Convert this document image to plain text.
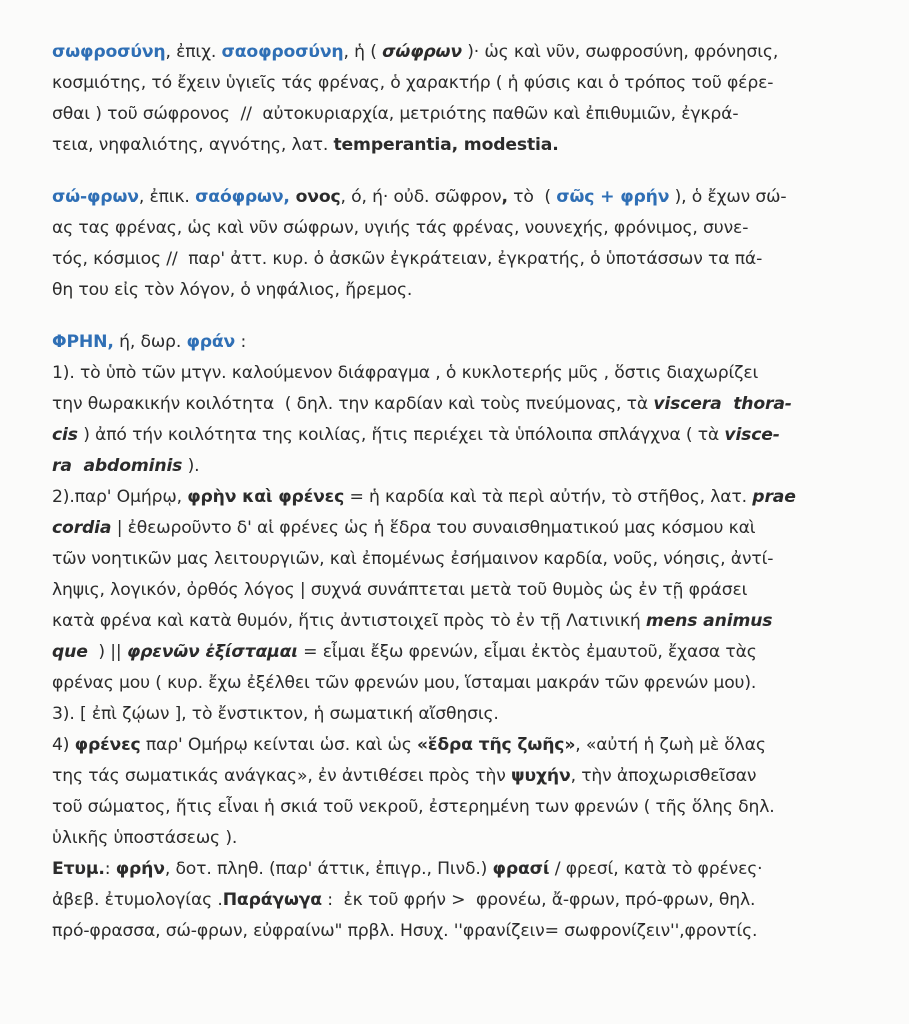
σωφροσύνη, ἐπιχ. σαοφροσύνη, ἡ ( σώφρων )· ὡς καὶ νῦν, σωφροσύνη, φρόνησις,
κοσμιότης, τό ἔχειν ὑγιεῖς τάς φρένας, ὁ χαρακτήρ ( ἡ φύσις και ὁ τρόπος τοῦ φέρε-
σθαι ) τοῦ σώφρονος  //  αὐτοκυριαρχία, μετριότης παθῶν καὶ ἐπιθυμιῶν, ἐγκρά-
τεια, νηφαλιότης, αγνότης, λατ. temperantia, modestia.
σώ-φρων, ἐπικ. σαόφρων, ονος, ό, ή· οὐδ. σῶφρον, τὸ  ( σῶς + φρήν ), ὁ ἔχων σώ-
ας τας φρένας, ὡς καὶ νῦν σώφρων, υγιής τάς φρένας, νουνεχής, φρόνιμος, συνε-
τός, κόσμιος //  παρ' ἀττ. κυρ. ὁ ἀσκῶν ἐγκράτειαν, ἐγκρατής, ὁ ὑποτάσσων τα πά-
θη του εἰς τὸν λόγον, ὁ νηφάλιος, ἤρεμος.
ΦΡΗΝ, ή, δωρ. φράν :
1). τὸ ὑπὸ τῶν μτγν. καλούμενον διάφραγμα , ὁ κυκλοτερής μῦς , ὅστις διαχωρίζει
την θωρακικήν κοιλότητα  ( δηλ. την καρδίαν καὶ τοὺς πνεύμονας, τὰ viscera  thora-
cis ) ἀπό τήν κοιλότητα της κοιλίας, ἥτις περιέχει τὰ ὑπόλοιπα σπλάγχνα ( τὰ visce-
ra  abdominis ).
2).παρ' Ομήρῳ, φρὴν καὶ φρένες = ἡ καρδία καὶ τὰ περὶ αὐτήν, τὸ στῆθος, λατ. prae
cordia | ἐθεωροῦντο δ' αἱ φρένες ὡς ἡ ἕδρα του συναισθηματικού μας κόσμου καὶ
τῶν νοητικῶν μας λειτουργιῶν, καὶ ἐπομένως ἐσήμαινον καρδία, νοῦς, νόησις, ἀντί-
ληψις, λογικόν, ὀρθός λόγος | συχνά συνάπτεται μετὰ τοῦ θυμὸς ὡς ἐν τῇ φράσει
κατὰ φρένα καὶ κατὰ θυμόν, ἥτις ἀντιστοιχεῖ πρὸς τὸ ἐν τῇ Λατινική mens animus
que  ) || φρενῶν ἐξίσταμαι = εἶμαι ἔξω φρενών, εἶμαι ἐκτὸς ἐμαυτοῦ, ἔχασα τὰς
φρένας μου ( κυρ. ἔχω ἐξέλθει τῶν φρενών μου, ἵσταμαι μακράν τῶν φρενών μου).
3). [ ἐπὶ ζῴων ], τὸ ἔνστικτον, ἡ σωματική αἴσθησις.
4) φρένες παρ' Ομήρῳ κείνται ὡσ. καὶ ὡς «ἕδρα τῆς ζωῆς», «αὐτή ἡ ζωὴ μὲ ὅλας
της τάς σωματικάς ανάγκας», ἐν ἀντιθέσει πρὸς τὴν ψυχήν, τὴν ἀποχωρισθεῖσαν
τοῦ σώματος, ἥτις εἶναι ἡ σκιά τοῦ νεκροῦ, ἐστερημένη των φρενών ( τῆς ὅλης δηλ.
ὑλικῆς ὑποστάσεως ).
Ετυμ.: φρήν, δοτ. πληθ. (παρ' άττικ, ἐπιγρ., Πινδ.) φρασί / φρεσί, κατὰ τὸ φρένες·
ἀβεβ. ἐτυμολογίας .Παράγωγα :  ἐκ τοῦ φρήν >  φρονέω, ἄ-φρων, πρό-φρων, θηλ.
πρό-φρασσα, σώ-φρων, εὐφραίνω" πρβλ. Ησυχ. ''φρανίζειν= σωφρονίζειν'',φροντίς.
